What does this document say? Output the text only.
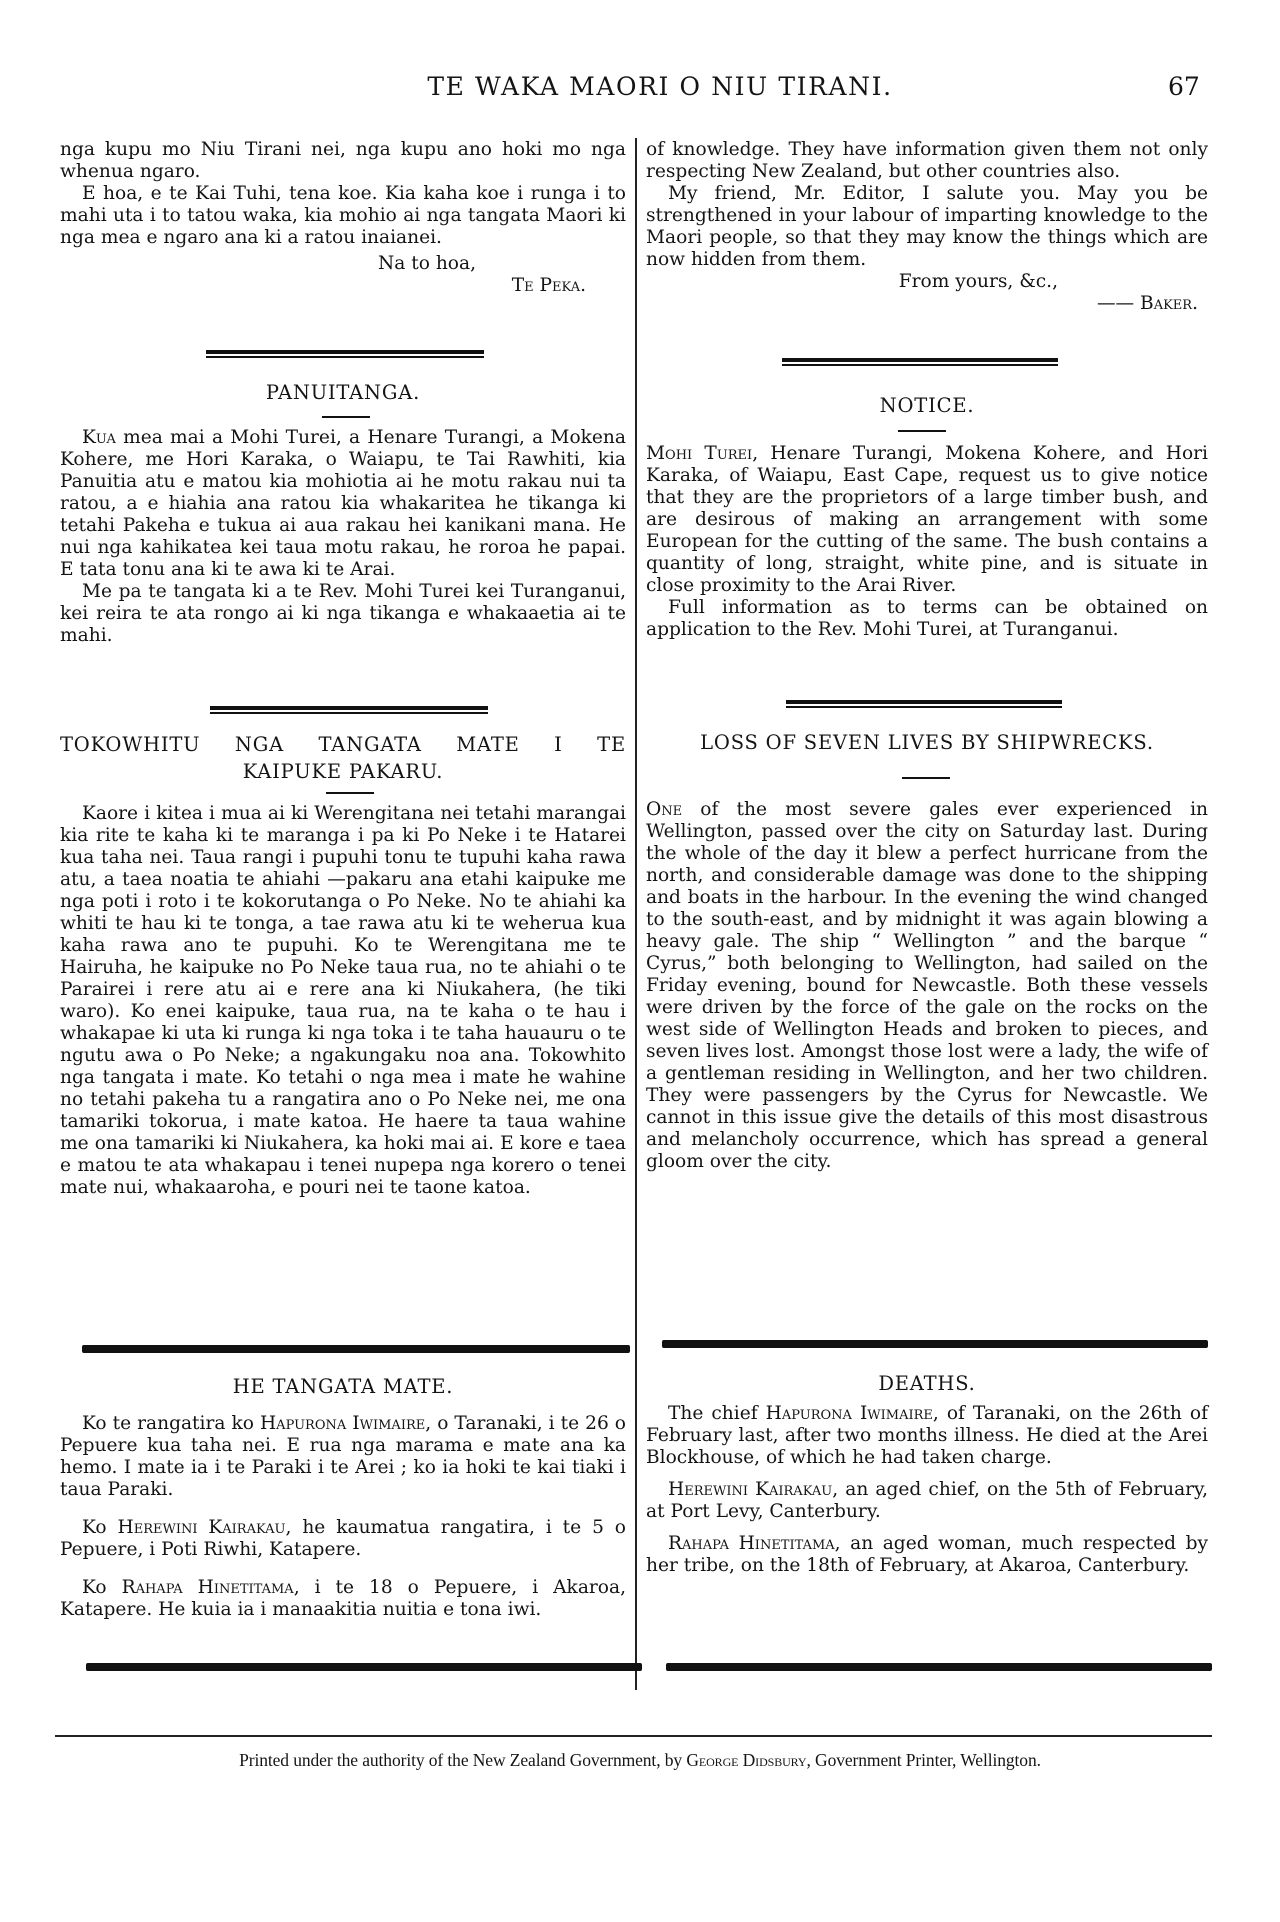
TE WAKA MAORI O NIU TIRANI.	67

nga kupu mo Niu Tirani nei, nga kupu ano hoki mo nga whenua ngaro.

E hoa, e te Kai Tuhi, tena koe. Kia kaha koe i runga i to mahi uta i to tatou waka, kia mohio ai nga tangata Maori ki nga mea e ngaro ana ki a ratou inaianei.

Na to hoa,
Te Peka.
PANUITANGA.

Kua mea mai a Mohi Turei, a Henare Turangi, a Mokena Kohere, me Hori Karaka, o Waiapu, te Tai Rawhiti, kia Panuitia atu e matou kia mohiotia ai he motu rakau nui ta ratou, a e hiahia ana ratou kia whakaritea he tikanga ki tetahi Pakeha e tukua ai aua rakau hei kanikani mana. He nui nga kahikatea kei taua motu rakau, he roroa he papai. E tata tonu ana ki te awa ki te Arai.

Me pa te tangata ki a te Rev. Mohi Turei kei Turanganui, kei reira te ata rongo ai ki nga tikanga e whakaaetia ai te mahi.

TOKOWHITU NGA TANGATA MATE I TE
KAIPUKE PAKARU.

Kaore i kitea i mua ai ki Werengitana nei tetahi marangai kia rite te kaha ki te maranga i pa ki Po Neke i te Hatarei kua taha nei. Taua rangi i pupuhi tonu te tupuhi kaha rawa atu, a taea noatia te ahiahi —pakaru ana etahi kaipuke me nga poti i roto i te kokorutanga o Po Neke. No te ahiahi ka whiti te hau ki te tonga, a tae rawa atu ki te weherua kua kaha rawa ano te pupuhi. Ko te Werengitana me te Hairuha, he kaipuke no Po Neke taua rua, no te ahiahi o te Parairei i rere atu ai e rere ana ki Niukahera, (he tiki waro). Ko enei kaipuke, taua rua, na te kaha o te hau i whakapae ki uta ki runga ki nga toka i te taha hauauru o te ngutu awa o Po Neke; a ngakungaku noa ana. Tokowhito nga tangata i mate. Ko tetahi o nga mea i mate he wahine no tetahi pakeha tu a rangatira ano o Po Neke nei, me ona tamariki tokorua, i mate katoa. He haere ta taua wahine me ona tamariki ki Niukahera, ka hoki mai ai. E kore e taea e matou te ata whakapau i tenei nupepa nga korero o tenei mate nui, whakaaroha, e pouri nei te taone katoa.

HE TANGATA MATE.

Ko te rangatira ko Hapurona Iwimaire, o Taranaki, i te 26 o Pepuere kua taha nei. E rua nga marama e mate ana ka hemo. I mate ia i te Paraki i te Arei ; ko ia hoki te kai tiaki i taua Paraki.

Ko Herewini Kairakau, he kaumatua rangatira, i te 5 o Pepuere, i Poti Riwhi, Katapere.

Ko Rahapa Hinetitama, i te 18 o Pepuere, i Akaroa, Katapere. He kuia ia i manaakitia nuitia e tona iwi.

of knowledge. They have information given them not only respecting New Zealand, but other countries also.

My friend, Mr. Editor, I salute you. May you be strengthened in your labour of imparting knowledge to the Maori people, so that they may know the things which are now hidden from them.

From yours, &c.,
—— Baker.
NOTICE.

Mohi Turei, Henare Turangi, Mokena Kohere, and Hori Karaka, of Waiapu, East Cape, request us to give notice that they are the proprietors of a large timber bush, and are desirous of making an arrangement with some European for the cutting of the same. The bush contains a quantity of long, straight, white pine, and is situate in close proximity to the Arai River.

Full information as to terms can be obtained on application to the Rev. Mohi Turei, at Turanganui.

LOSS OF SEVEN LIVES BY SHIPWRECKS.

One of the most severe gales ever experienced in Wellington, passed over the city on Saturday last. During the whole of the day it blew a perfect hurricane from the north, and considerable damage was done to the shipping and boats in the harbour. In the evening the wind changed to the south-east, and by midnight it was again blowing a heavy gale. The ship “ Wellington ” and the barque “ Cyrus,” both belonging to Wellington, had sailed on the Friday evening, bound for Newcastle. Both these vessels were driven by the force of the gale on the rocks on the west side of Wellington Heads and broken to pieces, and seven lives lost. Amongst those lost were a lady, the wife of a gentleman residing in Wellington, and her two children. They were passengers by the Cyrus for Newcastle. We cannot in this issue give the details of this most disastrous and melancholy occurrence, which has spread a general gloom over the city.

DEATHS.

The chief Hapurona Iwimaire, of Taranaki, on the 26th of February last, after two months illness. He died at the Arei Blockhouse, of which he had taken charge.

Herewini Kairakau, an aged chief, on the 5th of February, at Port Levy, Canterbury.

Rahapa Hinetitama, an aged woman, much respected by her tribe, on the 18th of February, at Akaroa, Canterbury.

Printed under the authority of the New Zealand Government, by George Didsbury, Government Printer, Wellington.
